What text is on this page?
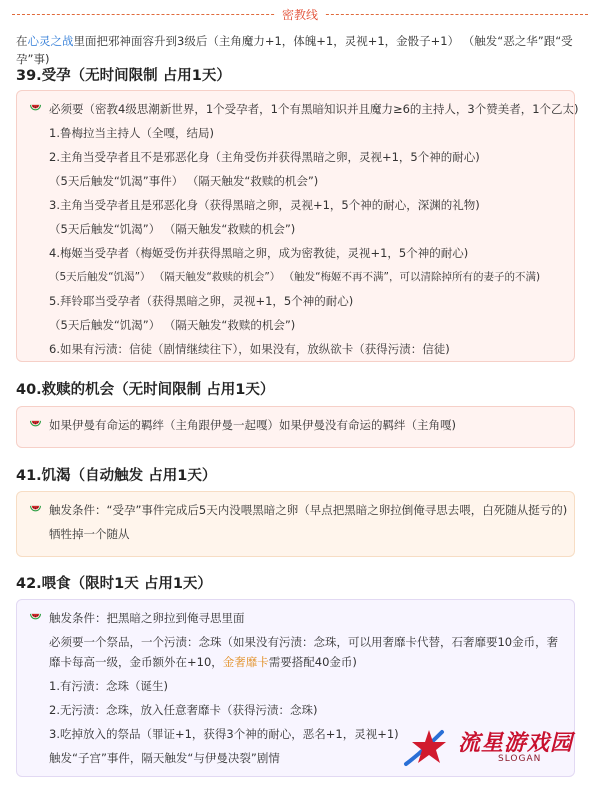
密教线
在心灵之战里面把邪神面容升到3级后（主角魔力+1，体魄+1，灵视+1，金骰子+1） （触发“恶之华”跟“受孕”事)
39.受孕（无时间限制 占用1天）
必须要（密教4级思潮新世界，1个受孕者，1个有黑暗知识并且魔力≥6的主持人，3个赞美者，1个乙太)
1.鲁梅拉当主持人（全嘎，结局)
2.主角当受孕者且不是邪恶化身（主角受伤并获得黑暗之卵，灵视+1，5个神的耐心)
（5天后触发“饥渴”事件） （隔天触发“救赎的机会”)
3.主角当受孕者且是邪恶化身（获得黑暗之卵，灵视+1，5个神的耐心，深渊的礼物)
（5天后触发“饥渴”） （隔天触发“救赎的机会”)
4.梅姬当受孕者（梅姬受伤并获得黑暗之卵，成为密教徒，灵视+1，5个神的耐心)
（5天后触发“饥渴”） （隔天触发“救赎的机会”） （触发“梅姬不再不满”，可以清除掉所有的妻子的不满)
5.拜铃耶当受孕者（获得黑暗之卵，灵视+1，5个神的耐心)
（5天后触发“饥渴”） （隔天触发“救赎的机会”)
6.如果有污渍：信徒（剧情继续往下），如果没有，放纵欲卡（获得污渍：信徒)
40.救赎的机会（无时间限制 占用1天）
如果伊曼有命运的羁绊（主角跟伊曼一起嘎）如果伊曼没有命运的羁绊（主角嘎)
41.饥渴（自动触发 占用1天）
触发条件：“受孕”事件完成后5天内没喂黑暗之卵（早点把黑暗之卵拉倒俺寻思去喂，白死随从挺亏的)
牺牲掉一个随从
42.喂食（限时1天 占用1天）
触发条件：把黑暗之卵拉到俺寻思里面
必须要一个祭品，一个污渍：念珠（如果没有污渍：念珠，可以用奢靡卡代替，石奢靡要10金币，奢靡卡每高一级，金币额外在+10，金奢靡卡需要搭配40金币)
1.有污渍：念珠（诞生)
2.无污渍：念珠，放入任意奢靡卡（获得污渍：念珠)
3.吃掉放入的祭品（罪证+1，获得3个神的耐心，恶名+1，灵视+1)
触发“子宫”事件，隔天触发“与伊曼决裂”剧情
流星游戏园
SLOGAN
